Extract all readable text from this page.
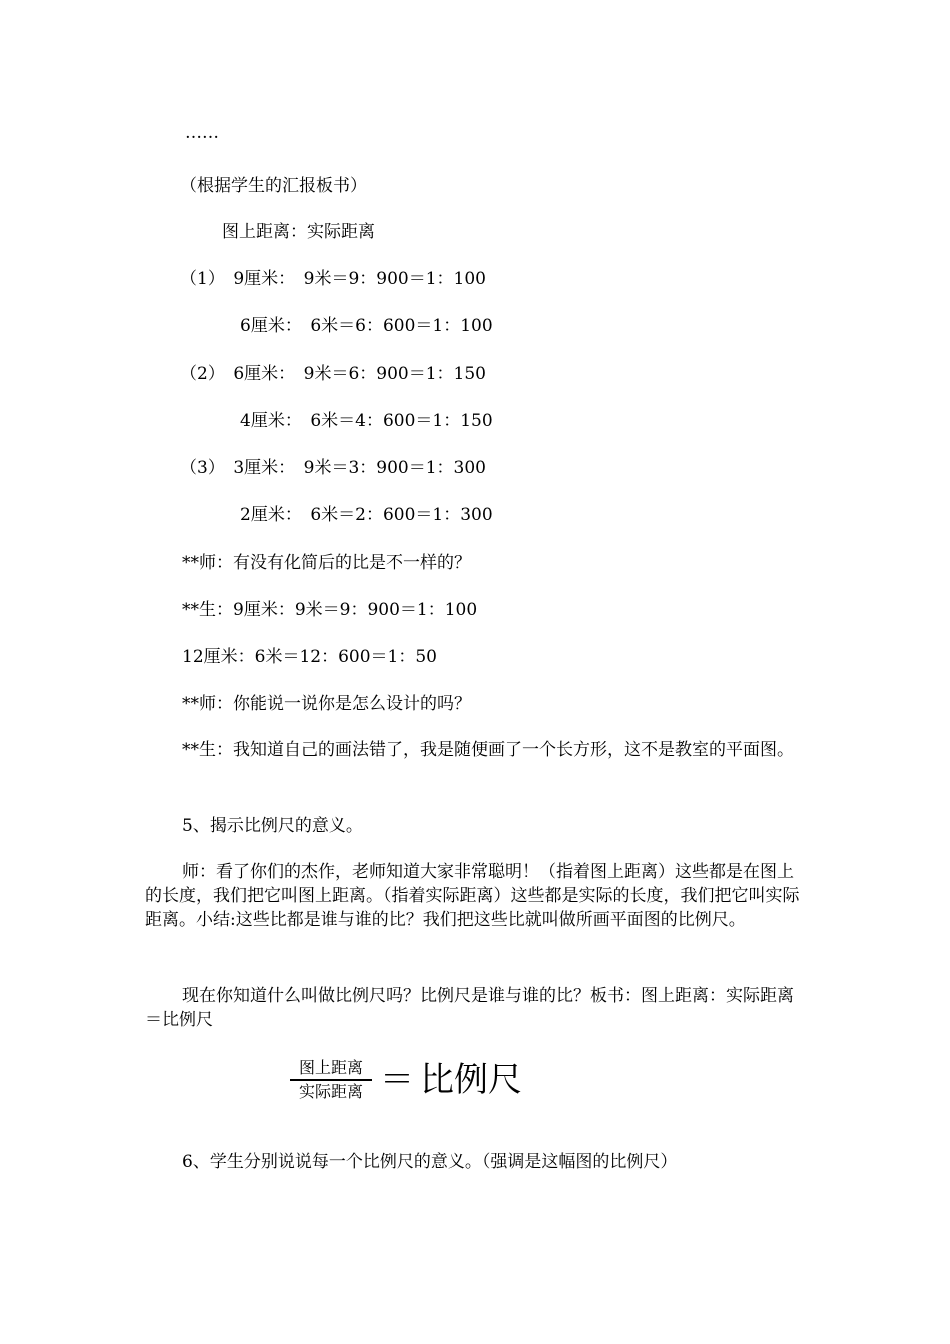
……
（根据学生的汇报板书）
图上距离：实际距离
（1）　9厘米：　9米＝9：900＝1：100
6厘米：　6米＝6：600＝1：100
（2）　6厘米：　9米＝6：900＝1：150
4厘米：　6米＝4：600＝1：150
（3）　3厘米：　9米＝3：900＝1：300
2厘米：　6米＝2：600＝1：300
**师：有没有化简后的比是不一样的？
**生：9厘米：9米＝9：900＝1：100
12厘米：6米＝12：600＝1：50
**师：你能说一说你是怎么设计的吗？
**生：我知道自己的画法错了，我是随便画了一个长方形，这不是教室的平面图。
5、揭示比例尺的意义。
师：看了你们的杰作，老师知道大家非常聪明！（指着图上距离）这些都是在图上的长度，我们把它叫图上距离。（指着实际距离）这些都是实际的长度，我们把它叫实际距离。小结:这些比都是谁与谁的比？我们把这些比就叫做所画平面图的比例尺。
现在你知道什么叫做比例尺吗？比例尺是谁与谁的比？板书：图上距离：实际距离＝比例尺
$\frac{\text{图上距离}}{\text{实际距离}}$ ＝ 比例尺
6、学生分别说说每一个比例尺的意义。（强调是这幅图的比例尺）
